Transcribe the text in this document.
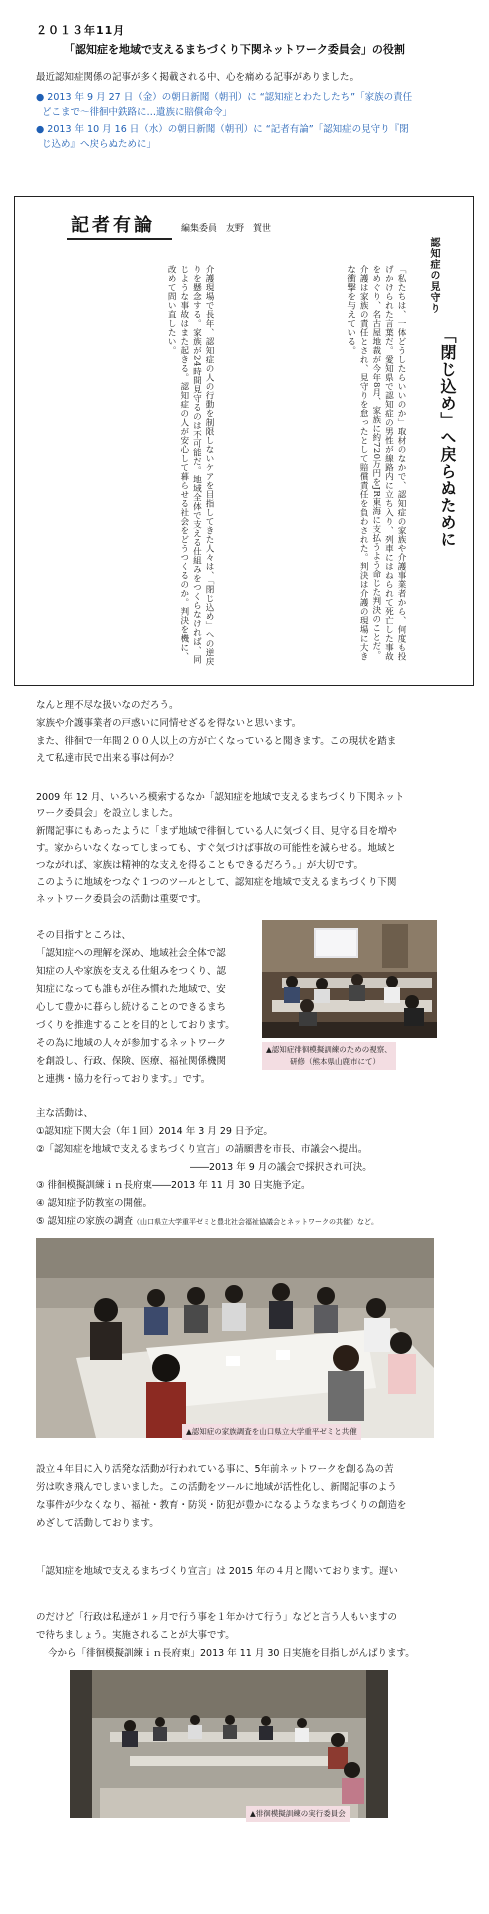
２０１３年11月
「認知症を地域で支えるまちづくり下関ネットワーク委員会」の役割
最近認知症関係の記事が多く掲載される中、心を痛める記事がありました。
● 2013 年 9 月 27 日（金）の朝日新聞（朝刊）に “認知症とわたしたち”「家族の責任
どこまで〜徘徊中鉄路に…遺族に賠償命令」
● 2013 年 10 月 16 日（水）の朝日新聞（朝刊）に “記者有論”「認知症の見守り『閉
じ込め』へ戻らぬために」
記者有論	編集委員　友野　賀世
認知症の見守り
「閉じ込め」へ戻らぬために
「私たちは、一体どうしたらいいのか」取材のなかで、認知症の家族や介護事業者から、何度も投げかけられた言葉だ。愛知県で認知症の男性が線路内に立ち入り、列車にはねられて死亡した事故をめぐり、名古屋地裁が今年8月、家族に約720万円をJR東海に支払うよう命じた判決のことだ。介護は家族の責任とされ、見守りを怠ったとして賠償責任を負わされた。判決は介護の現場に大きな衝撃を与えている。
介護現場で長年、認知症の人の行動を制限しないケアを目指してきた人々は、「閉じ込め」への逆戻りを懸念する。家族が24時間見守るのは不可能だ。地域全体で支える仕組みをつくらなければ、同じような事故はまた起きる。認知症の人が安心して暮らせる社会をどうつくるのか。判決を機に、改めて問い直したい。
なんと理不尽な扱いなのだろう。
家族や介護事業者の戸惑いに同情せざるを得ないと思います。
また、徘徊で一年間２００人以上の方が亡くなっていると聞きます。この現状を踏ま
えて私達市民で出来る事は何か？
2009 年 12 月、いろいろ模索するなか「認知症を地域で支えるまちづくり下関ネット
ワーク委員会」を設立しました。
新聞記事にもあったように「まず地域で徘徊している人に気づく目、見守る目を増や
す。家からいなくなってしまっても、すぐ気づけば事故の可能性を減らせる。地域と
つながれば、家族は精神的な支えを得ることもできるだろう。」が大切です。
このように地域をつなぐ１つのツールとして、認知症を地域で支えるまちづくり下関
ネットワーク委員会の活動は重要です。
その目指すところは、
「認知症への理解を深め、地域社会全体で認
知症の人や家族を支える仕組みをつくり、認
知症になっても誰もが住み慣れた地域で、安
心して豊かに暮らし続けることのできるまち
づくりを推進することを目的としております。
その為に地域の人々が参加するネットワーク
を創設し、行政、保険、医療、福祉関係機関
と連携・協力を行っております。」です。
▲認知症徘徊模擬訓練のための視察、
研修（熊本県山鹿市にて）
主な活動は、
①認知症下関大会（年１回）2014 年 3 月 29 日予定。
②「認知症を地域で支えるまちづくり宣言」の請願書を市長、市議会へ提出。
――2013 年 9 月の議会で採択され可決。
③ 徘徊模擬訓練ｉｎ長府東――2013 年 11 月 30 日実施予定。
④ 認知症予防教室の開催。
⑤ 認知症の家族の調査（山口県立大学重平ゼミと豊北社会福祉協議会とネットワークの共催）など。
▲認知症の家族調査を山口県立大学重平ゼミと共催
設立４年目に入り活発な活動が行われている事に、5年前ネットワークを創る為の苦
労は吹き飛んでしまいました。この活動をツールに地域が活性化し、新聞記事のよう
な事件が少なくなり、福祉・教育・防災・防犯が豊かになるようなまちづくりの創造を
めざして活動しております。
「認知症を地域で支えるまちづくり宣言」は 2015 年の４月と聞いております。遅い
のだけど「行政は私達が１ヶ月で行う事を１年かけて行う」などと言う人もいますの
で待ちましょう。実施されることが大事です。
今から「徘徊模擬訓練ｉｎ長府東」2013 年 11 月 30 日実施を目指しがんばります。
▲徘徊模擬訓練の実行委員会
